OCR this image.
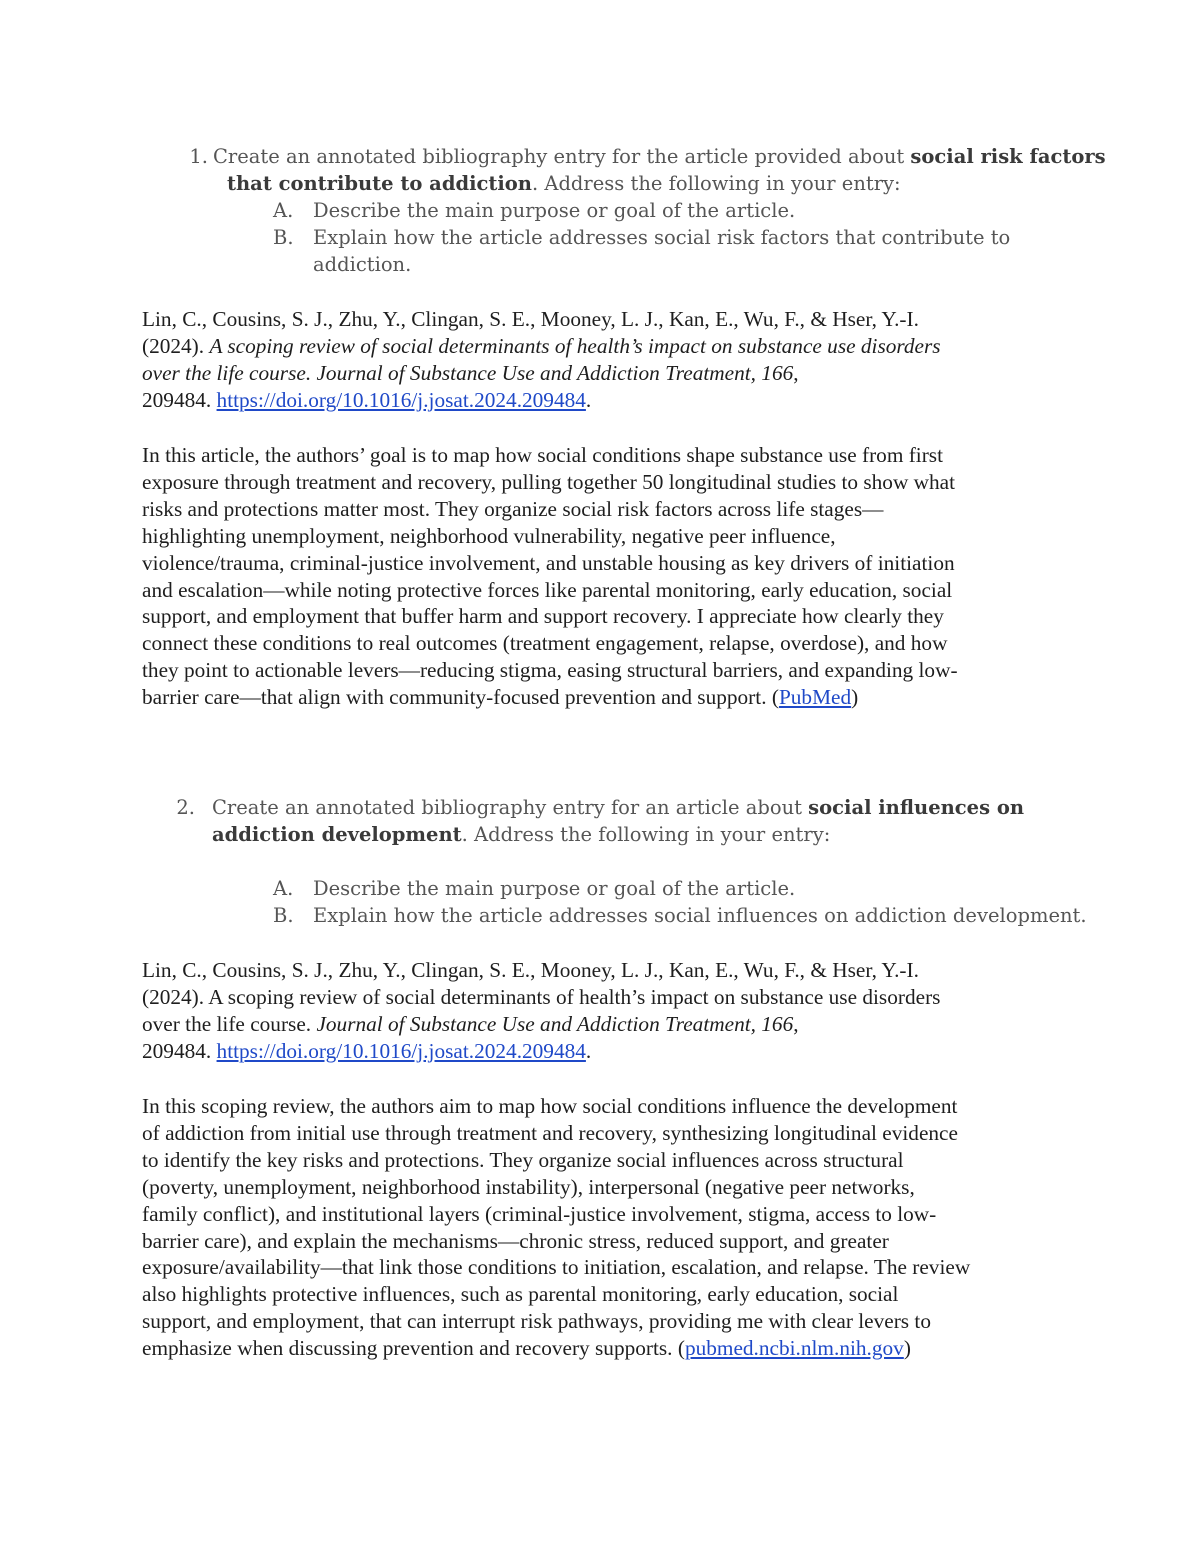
1. Create an annotated bibliography entry for the article provided about social risk factors
that contribute to addiction. Address the following in your entry:
A. Describe the main purpose or goal of the article.
B. Explain how the article addresses social risk factors that contribute to
addiction.
Lin, C., Cousins, S. J., Zhu, Y., Clingan, S. E., Mooney, L. J., Kan, E., Wu, F., & Hser, Y.-I.
(2024). A scoping review of social determinants of health’s impact on substance use disorders
over the life course. Journal of Substance Use and Addiction Treatment, 166,
209484. https://doi.org/10.1016/j.josat.2024.209484.
In this article, the authors’ goal is to map how social conditions shape substance use from first
exposure through treatment and recovery, pulling together 50 longitudinal studies to show what
risks and protections matter most. They organize social risk factors across life stages—
highlighting unemployment, neighborhood vulnerability, negative peer influence,
violence/trauma, criminal-justice involvement, and unstable housing as key drivers of initiation
and escalation—while noting protective forces like parental monitoring, early education, social
support, and employment that buffer harm and support recovery. I appreciate how clearly they
connect these conditions to real outcomes (treatment engagement, relapse, overdose), and how
they point to actionable levers—reducing stigma, easing structural barriers, and expanding low-
barrier care—that align with community-focused prevention and support. (PubMed)
2. Create an annotated bibliography entry for an article about social influences on
addiction development. Address the following in your entry:
A. Describe the main purpose or goal of the article.
B. Explain how the article addresses social influences on addiction development.
Lin, C., Cousins, S. J., Zhu, Y., Clingan, S. E., Mooney, L. J., Kan, E., Wu, F., & Hser, Y.-I.
(2024). A scoping review of social determinants of health’s impact on substance use disorders
over the life course. Journal of Substance Use and Addiction Treatment, 166,
209484. https://doi.org/10.1016/j.josat.2024.209484.
In this scoping review, the authors aim to map how social conditions influence the development
of addiction from initial use through treatment and recovery, synthesizing longitudinal evidence
to identify the key risks and protections. They organize social influences across structural
(poverty, unemployment, neighborhood instability), interpersonal (negative peer networks,
family conflict), and institutional layers (criminal-justice involvement, stigma, access to low-
barrier care), and explain the mechanisms—chronic stress, reduced support, and greater
exposure/availability—that link those conditions to initiation, escalation, and relapse. The review
also highlights protective influences, such as parental monitoring, early education, social
support, and employment, that can interrupt risk pathways, providing me with clear levers to
emphasize when discussing prevention and recovery supports. (pubmed.ncbi.nlm.nih.gov)
